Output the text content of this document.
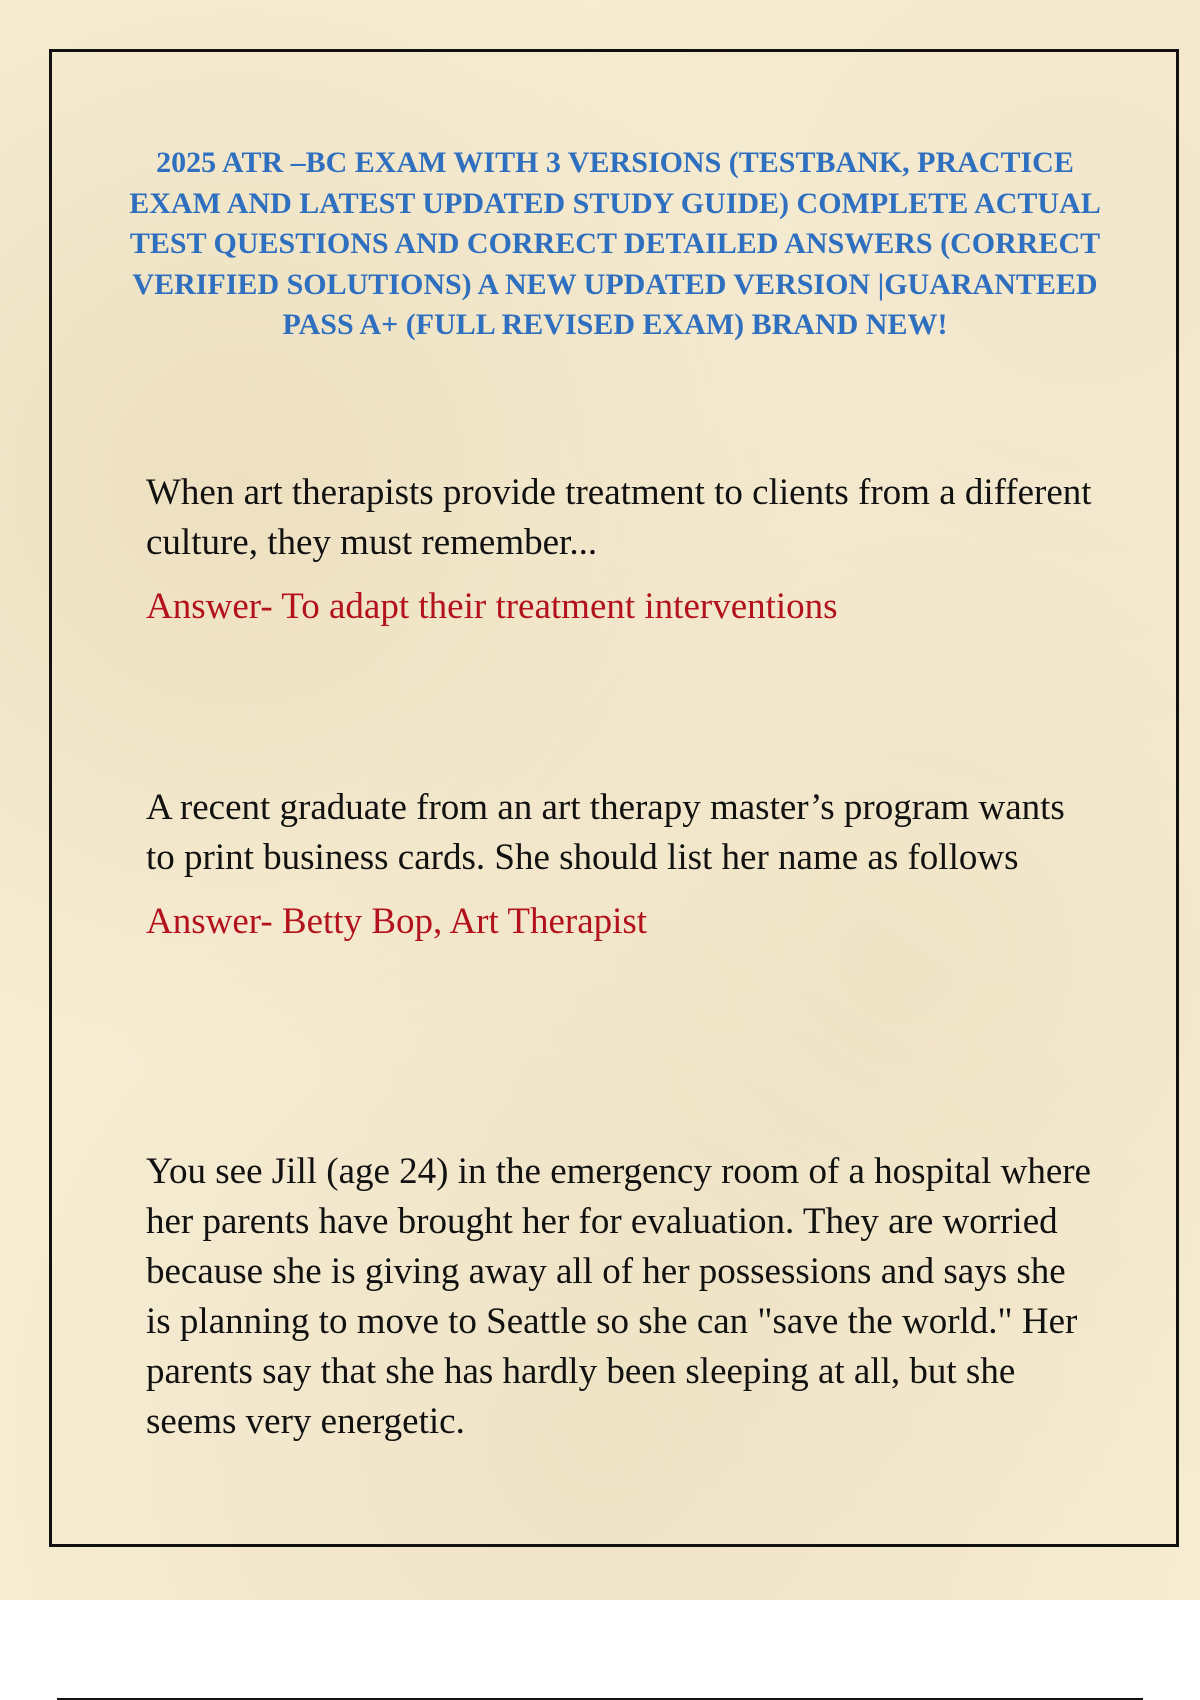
2025 ATR –BC EXAM WITH 3 VERSIONS (TESTBANK, PRACTICE EXAM AND LATEST UPDATED STUDY GUIDE) COMPLETE ACTUAL TEST QUESTIONS AND CORRECT DETAILED ANSWERS (CORRECT VERIFIED SOLUTIONS) A NEW UPDATED VERSION |GUARANTEED PASS A+ (FULL REVISED EXAM) BRAND NEW!

When art therapists provide treatment to clients from a different culture, they must remember...

Answer- To adapt their treatment interventions

A recent graduate from an art therapy master’s program wants to print business cards. She should list her name as follows

Answer- Betty Bop, Art Therapist

You see Jill (age 24) in the emergency room of a hospital where her parents have brought her for evaluation. They are worried because she is giving away all of her possessions and says she is planning to move to Seattle so she can "save the world." Her parents say that she has hardly been sleeping at all, but she seems very energetic.
